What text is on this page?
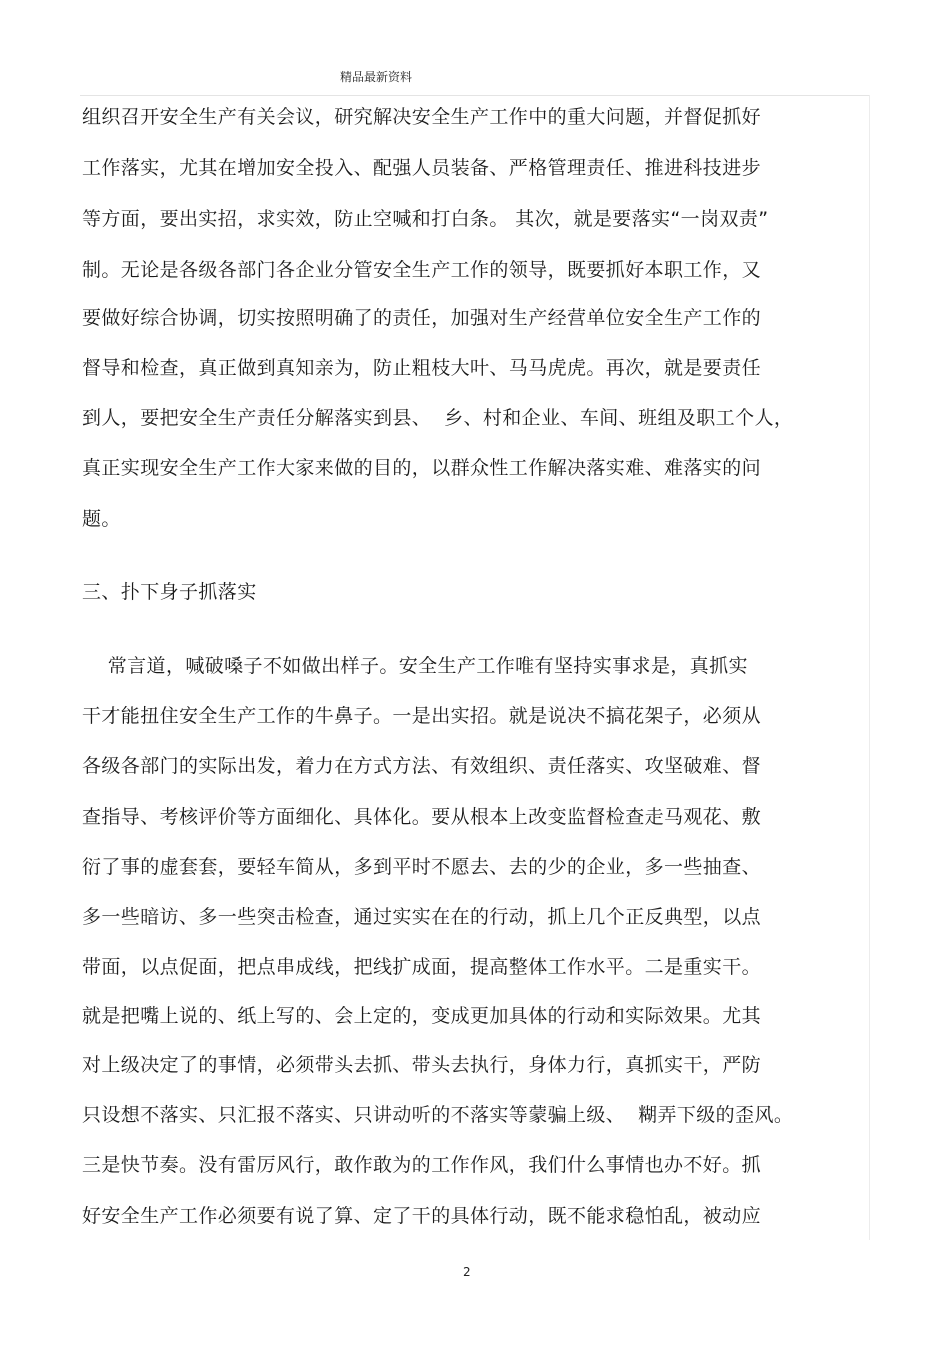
精品最新资料
组织召开安全生产有关会议，研究解决安全生产工作中的重大问题，并督促抓好
工作落实，尤其在增加安全投入、配强人员装备、严格管理责任、推进科技进步
等方面，要出实招，求实效，防止空喊和打白条。 其次，就是要落实“一岗双责”
制。无论是各级各部门各企业分管安全生产工作的领导，既要抓好本职工作，又
要做好综合协调，切实按照明确了的责任，加强对生产经营单位安全生产工作的
督导和检查，真正做到真知亲为，防止粗枝大叶、马马虎虎。再次，就是要责任
到人，要把安全生产责任分解落实到县、  乡、村和企业、车间、班组及职工个人，
真正实现安全生产工作大家来做的目的，以群众性工作解决落实难、难落实的问
题。
三、扑下身子抓落实
常言道，喊破嗓子不如做出样子。安全生产工作唯有坚持实事求是，真抓实
干才能扭住安全生产工作的牛鼻子。一是出实招。就是说决不搞花架子，必须从
各级各部门的实际出发，着力在方式方法、有效组织、责任落实、攻坚破难、督
查指导、考核评价等方面细化、具体化。要从根本上改变监督检查走马观花、敷
衍了事的虚套套，要轻车简从，多到平时不愿去、去的少的企业，多一些抽查、
多一些暗访、多一些突击检查，通过实实在在的行动，抓上几个正反典型，以点
带面，以点促面，把点串成线，把线扩成面，提高整体工作水平。二是重实干。
就是把嘴上说的、纸上写的、会上定的，变成更加具体的行动和实际效果。尤其
对上级决定了的事情，必须带头去抓、带头去执行，身体力行，真抓实干，严防
只设想不落实、只汇报不落实、只讲动听的不落实等蒙骗上级、  糊弄下级的歪风。
三是快节奏。没有雷厉风行，敢作敢为的工作作风，我们什么事情也办不好。抓
好安全生产工作必须要有说了算、定了干的具体行动，既不能求稳怕乱，被动应
2
